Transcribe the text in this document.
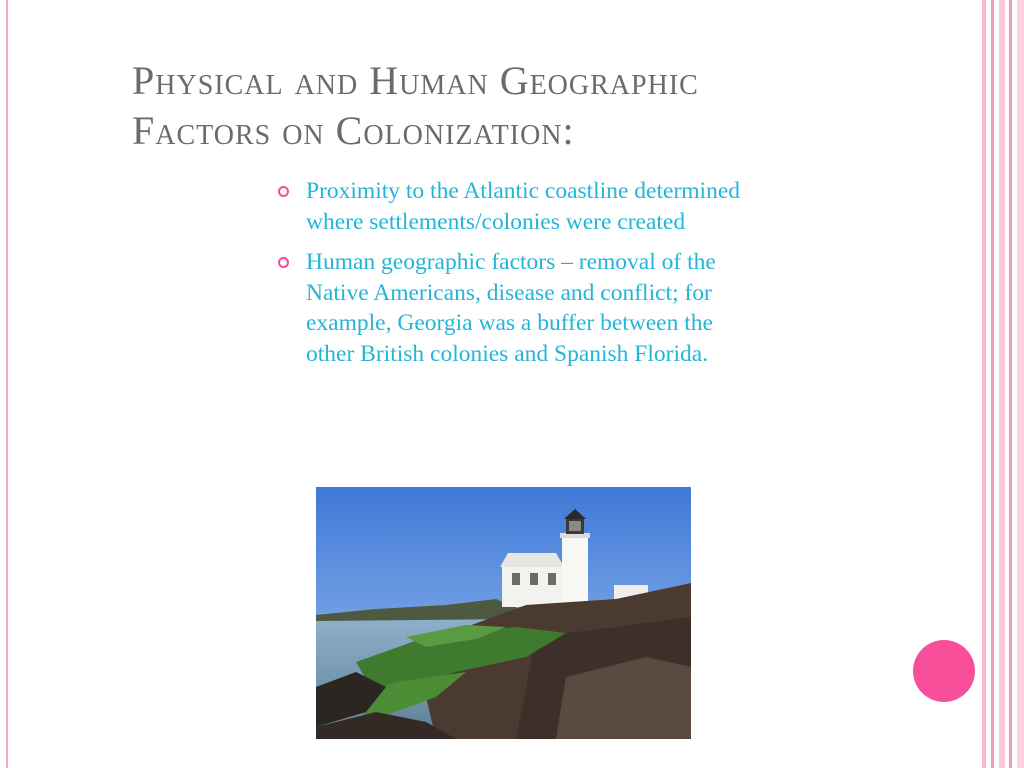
Physical and Human Geographic
Factors on Colonization:
Proximity to the Atlantic coastline determined where settlements/colonies were created
Human geographic factors – removal of the Native Americans, disease and conflict; for example, Georgia was a buffer between the other British colonies and Spanish Florida.
